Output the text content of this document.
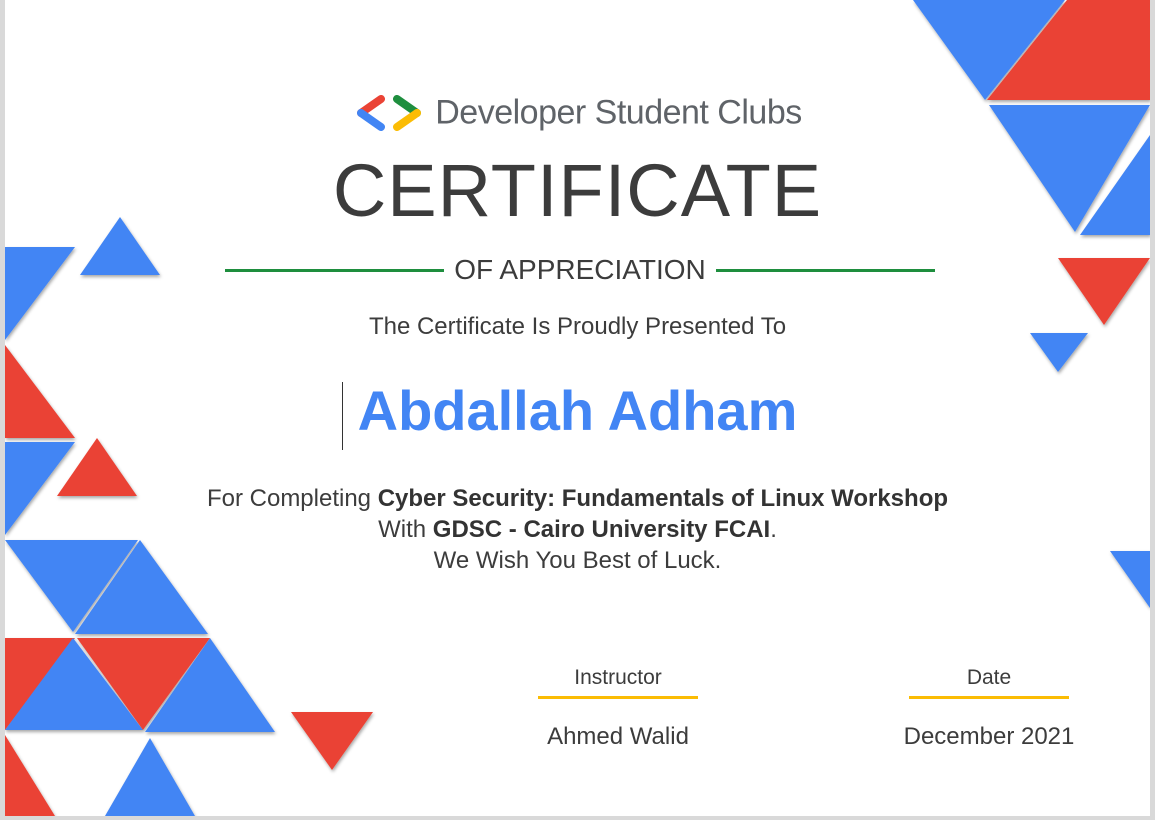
Developer Student Clubs
CERTIFICATE
OF APPRECIATION
The Certificate Is Proudly Presented To
Abdallah Adham
For Completing Cyber Security: Fundamentals of Linux Workshop
With GDSC - Cairo University FCAI.
We Wish You Best of Luck.
Instructor
Ahmed Walid
Date
December 2021
